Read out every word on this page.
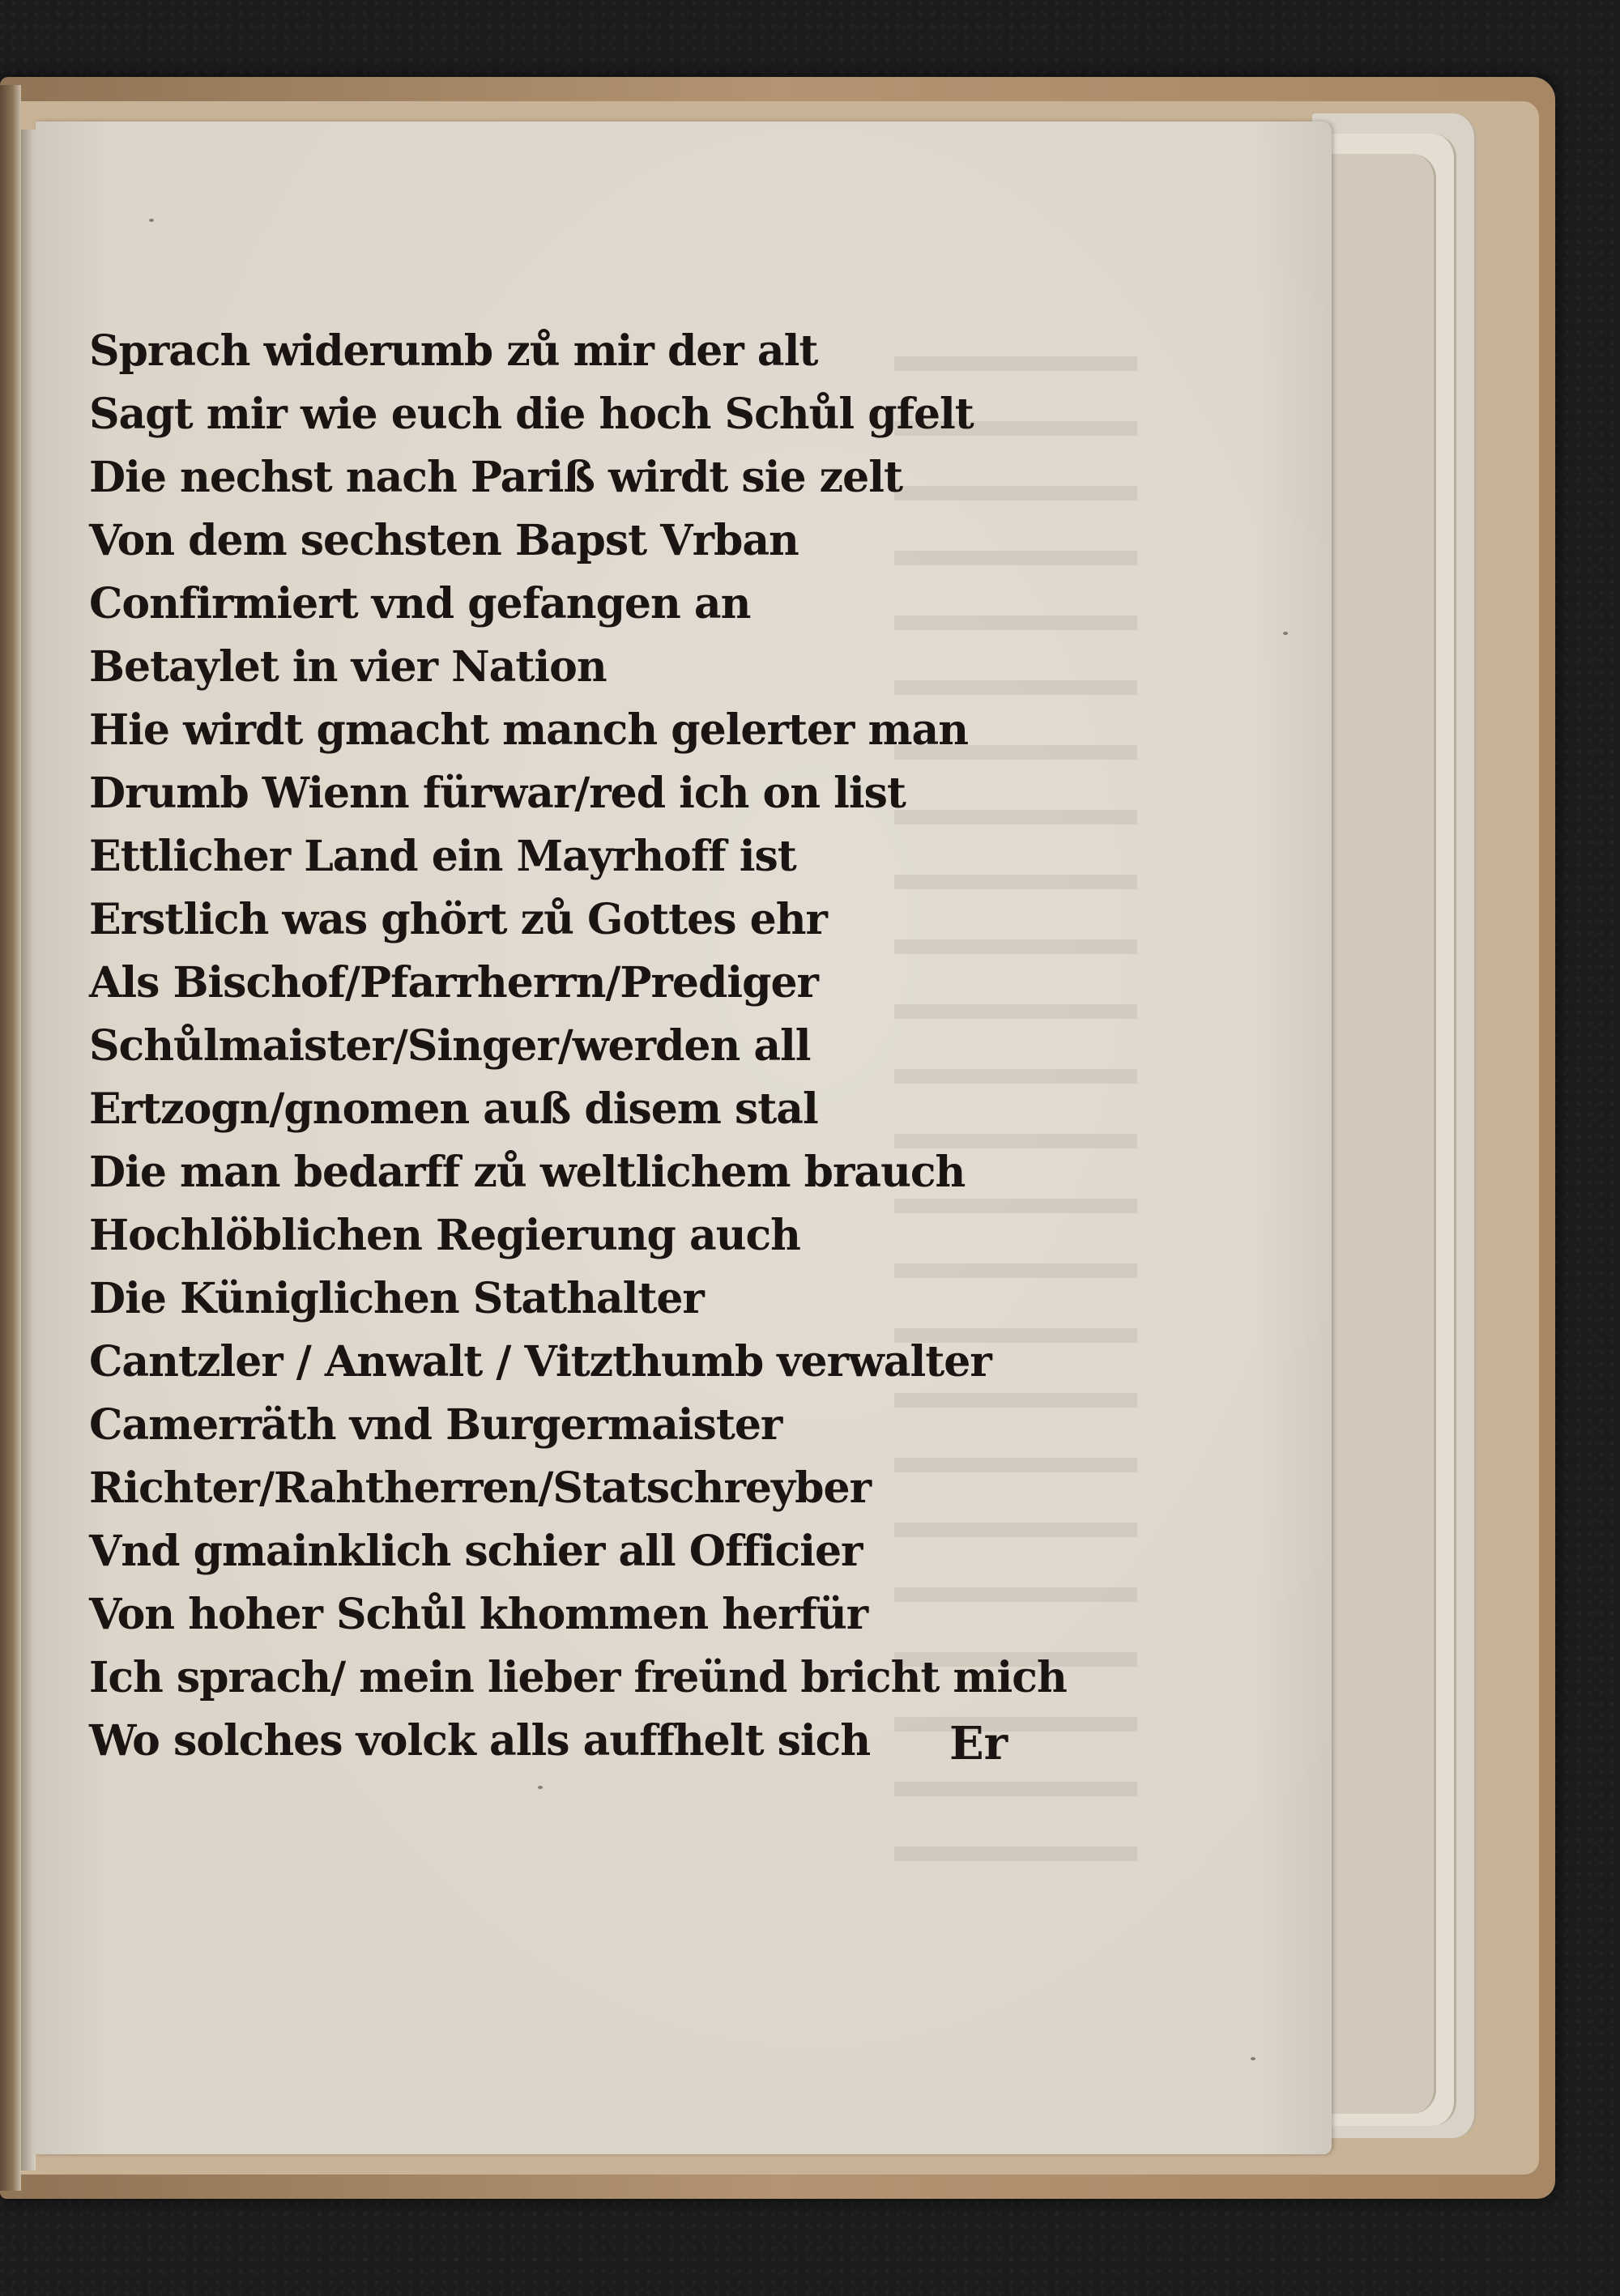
Sprach widerumb zů mir der alt
Sagt mir wie euch die hoch Schůl gfelt
Die nechst nach Pariß wirdt sie zelt
Von dem sechsten Bapst Vrban
Confirmiert vnd gefangen an
Betaylet in vier Nation
Hie wirdt gmacht manch gelerter man
Drumb Wienn fürwar/red ich on list
Ettlicher Land ein Mayrhoff ist
Erstlich was ghört zů Gottes ehr
Als Bischof/Pfarrherrn/Prediger
Schůlmaister/Singer/werden all
Ertzogn/gnomen auß disem stal
Die man bedarff zů weltlichem brauch
Hochlöblichen Regierung auch
Die Küniglichen Stathalter
Cantzler / Anwalt / Vitzthumb verwalter
Camerräth vnd Burgermaister
Richter/Rahtherren/Statschreyber
Vnd gmainklich schier all Officier
Von hoher Schůl khommen herfür
Ich sprach/ mein lieber freünd bricht mich
Wo solches volck alls auffhelt sich	Er
